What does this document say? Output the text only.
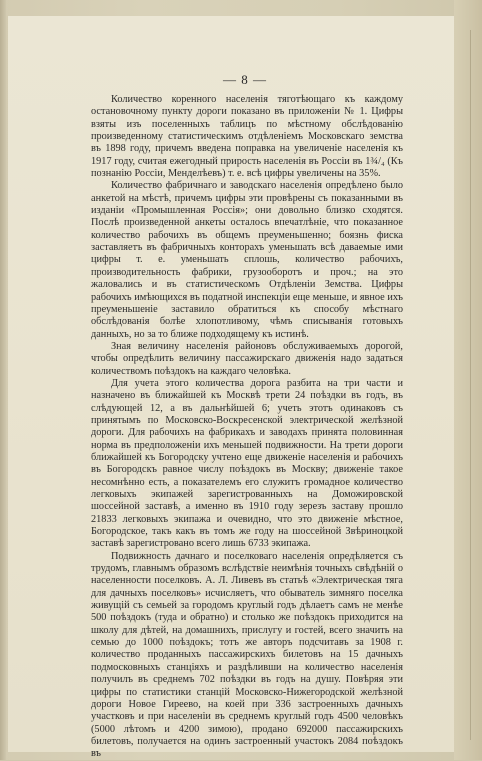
— 8 —

Количество коренного населенія тяготѣющаго къ каждому остановочному пункту дороги показано въ приложеніи № 1. Цифры взяты изъ поселенныхъ таблицъ по мѣстному обслѣдованію произведенному статистическимъ отдѣленіемъ Московскаго земства въ 1898 году, причемъ введена поправка на увеличеніе населенія къ 1917 году, считая ежегодный прирость населенія въ Россіи въ 1¾/₄ (Къ познанію Россіи, Менделѣевъ) т. е. всѣ цифры увеличены на 35%.

Количество фабричнаго и заводскаго населенія опредѣлено было анкетой на мѣстѣ, причемъ цифры эти провѣрены съ показанными въ изданіи «Промышленная Россія»; они довольно близко сходятся. Послѣ произведенной анкеты осталось впечатлѣніе, что показанное количество рабочихъ въ общемъ преуменьшенно; боязнь фиска заставляетъ въ фабричныхъ конторахъ уменьшать всѣ даваемые ими цифры т. е. уменьшать сплошь, количество рабочихъ, производительность фабрики, грузооборотъ и проч.; на это жаловались и въ статистическомъ Отдѣленіи Земства. Цифры рабочихъ имѣющихся въ податной инспекціи еще меньше, и явное ихъ преуменьшеніе заставило обратиться къ способу мѣстнаго обслѣдованія болѣе хлопотливому, чѣмъ списыванія готовыхъ данныхъ, но за то ближе подходящему къ истинѣ.

Зная величину населенія районовъ обслуживаемыхъ дорогой, чтобы опредѣлить величину пассажирскаго движенія надо задаться количествомъ поѣздокъ на каждаго человѣка.

Для учета этого количества дорога разбита на три части и назначено въ ближайшей къ Москвѣ трети 24 поѣздки въ годъ, въ слѣдующей 12, а въ дальнѣйшей 6; учеть этотъ одинаковъ съ принятымъ по Московско-Воскресенской электрической желѣзной дороги. Для рабочихъ на фабрикахъ и заводахъ принята половинная норма въ предположеніи ихъ меньшей подвижности. На трети дороги ближайшей къ Богородску учтено еще движеніе населенія и рабочихъ въ Богородскъ равное числу поѣздокъ въ Москву; движеніе такое несомнѣнно есть, а показателемъ его служитъ громадное количество легковыхъ экипажей зарегистрованныхъ на Доможировской шоссейной заставѣ, а именно въ 1910 году зерезъ заставу прошло 21833 легковыхъ экипажа и очевидно, что это движеніе мѣстное, Богородское, такъ какъ въ томъ же году на шоссейной Звѣриноцкой заставѣ зарегистровано всего лишь 6733 экипажа.

Подвижность дачнаго и поселковаго населенія опредѣляется съ трудомъ, главнымъ образомъ вслѣдствіе неимѣнія точныхъ свѣдѣній о населенности поселковъ. А. Л. Ливевъ въ статьѣ «Электрическая тяга для дачныхъ поселковъ» исчисляетъ, что обыватель зимняго поселка живущій съ семьей за городомъ круглый годъ дѣлаетъ самъ не менѣе 500 поѣздокъ (туда и обратно) и столько же поѣздокъ приходится на школу для дѣтей, на домашнихъ, прислугу и гостей, всего значить на семью до 1000 поѣздокъ; тотъ же авторъ подсчитавъ за 1908 г. количество проданныхъ пассажирскихъ билетовъ на 15 дачныхъ подмосковныхъ станціяхъ и раздѣливши на количество населенія получилъ въ среднемъ 702 поѣздки въ годъ на душу. Повѣряя эти цифры по статистики станцій Московско-Нижегородской желѣзной дороги Новое Гиреево, на коей при 336 застроенныхъ дачныхъ участковъ и при населеніи въ среднемъ круглый годъ 4500 человѣкъ (5000 лѣтомъ и 4200 зимою), продано 692000 пассажирскихъ билетовъ, получается на одинъ застроенный участокъ 2084 поѣздокъ въ
